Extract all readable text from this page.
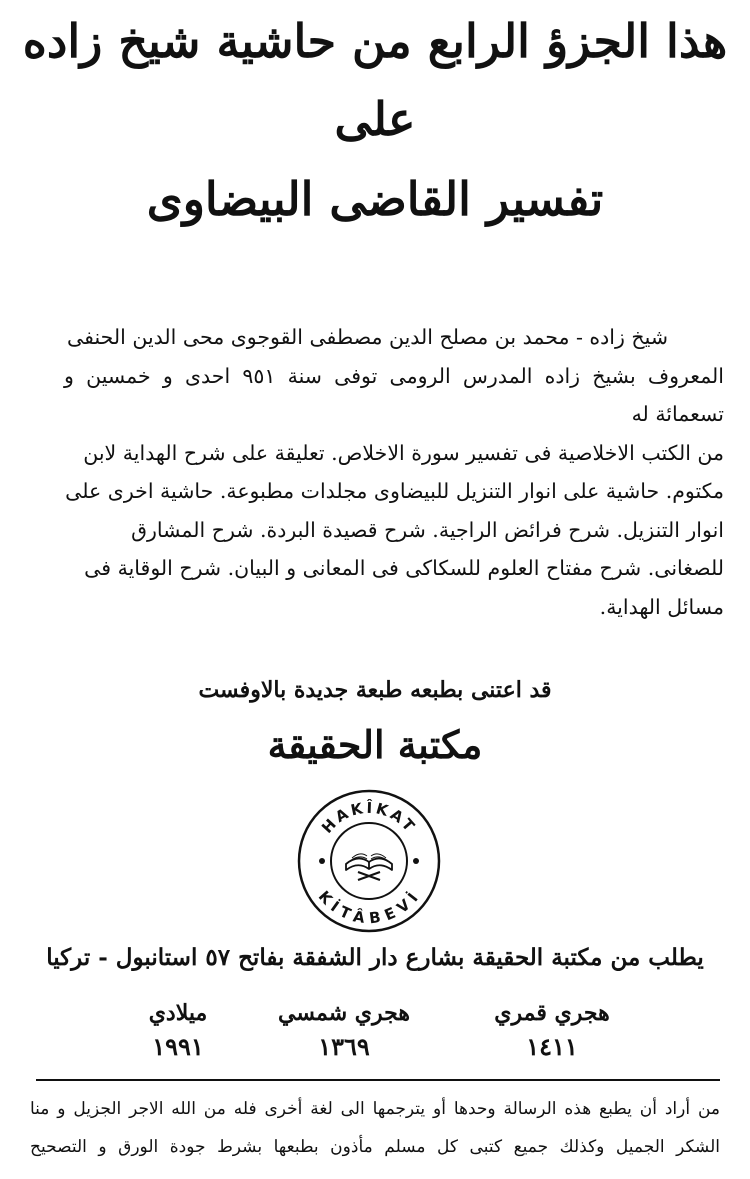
هذا الجزؤ الرابع من حاشية شيخ زاده
على
تفسير القاضى البيضاوى

شيخ زاده - محمد بن مصلح الدين مصطفى القوجوى محى الدين الحنفى

المعروف بشيخ زاده المدرس الرومى توفى سنة ٩٥١ احدى و خمسين و تسعمائة له

من الكتب الاخلاصية فى تفسير سورة الاخلاص. تعليقة على شرح الهداية لابن

مكتوم. حاشية على انوار التنزيل للبيضاوى مجلدات مطبوعة. حاشية اخرى على

انوار التنزيل. شرح فرائض الراجية. شرح قصيدة البردة. شرح المشارق

للصغانى. شرح مفتاح العلوم للسكاكى فى المعانى و البيان. شرح الوقاية فى

مسائل الهداية.

قد اعتنى بطبعه طبعة جديدة بالاوفست
مكتبة الحقيقة
HAKÎKAT
KİTÂBEVİ
يطلب من مكتبة الحقيقة بشارع دار الشفقة بفاتح ٥٧ استانبول - تركيا
هجري قمري
١٤١١
هجري شمسي
١٣٦٩
ميلادي
١٩٩١

من أراد أن يطبع هذه الرسالة وحدها أو يترجمها الى لغة أخرى فله من الله الاجر الجزيل و منا

الشكر الجميل وكذلك جميع كتبى كل مسلم مأذون بطبعها بشرط جودة الورق و التصحيح
